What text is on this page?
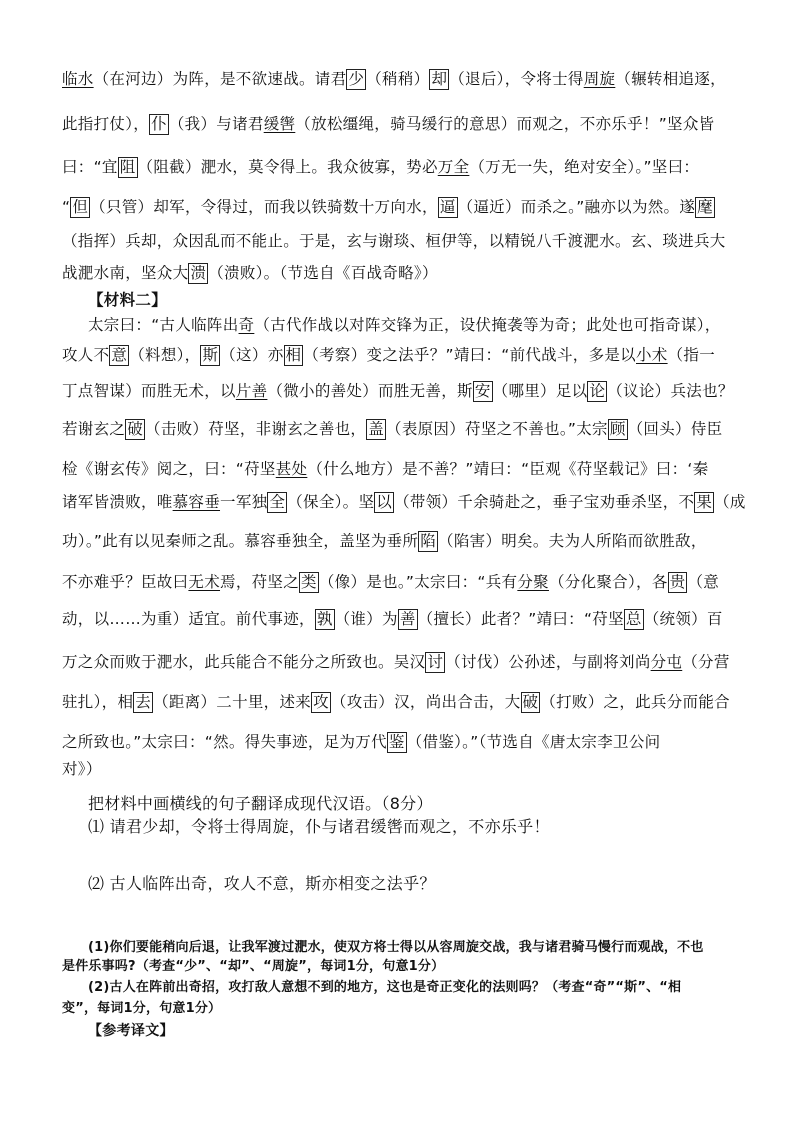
临水（在河边）为阵，是不欲速战。请君 少 （稍稍） 却 （退后），令将士得周旋（辗转相追逐，
此指打仗）， 仆 （我）与诸君缓辔（放松缰绳，骑马缓行的意思）而观之，不亦乐乎！”坚众皆
曰：“宜 阻 （阻截）淝水，莫令得上。我众彼寡，势必万全（万无一失，绝对安全）。”坚曰：
“ 但 （只管）却军，令得过，而我以铁骑数十万向水， 逼 （逼近）而杀之。”融亦以为然。遂 麾
（指挥）兵却，众因乱而不能止。于是，玄与谢琰、桓伊等，以精锐八千渡淝水。玄、琰进兵大
战淝水南，坚众大 溃 （溃败）。（节选自《百战奇略》）
【材料二】
太宗曰：“古人临阵出奇（古代作战以对阵交锋为正，设伏掩袭等为奇；此处也可指奇谋），
攻人不 意 （料想）， 斯 （这）亦 相 （考察）变之法乎？”靖曰：“前代战斗，多是以小术（指一
丁点智谋）而胜无术，以片善（微小的善处）而胜无善，斯 安 （哪里）足以 论 （议论）兵法也？
若谢玄之 破 （击败）苻坚，非谢玄之善也， 盖 （表原因）苻坚之不善也。”太宗 顾 （回头）侍臣
检《谢玄传》阅之，曰：“苻坚甚处（什么地方）是不善？”靖曰：“臣观《苻坚载记》曰：‘秦
诸军皆溃败，唯慕容垂一军独 全 （保全）。坚 以 （带领）千余骑赴之，垂子宝劝垂杀坚，不 果 （成
功）。”此有以见秦师之乱。慕容垂独全，盖坚为垂所 陷 （陷害）明矣。夫为人所陷而欲胜敌，
不亦难乎？臣故曰无术焉，苻坚之 类 （像）是也。”太宗曰：“兵有分聚（分化聚合），各 贵 （意
动，以……为重）适宜。前代事迹， 孰 （谁）为 善 （擅长）此者？”靖曰：“苻坚 总 （统领）百
万之众而败于淝水，此兵能合不能分之所致也。吴汉 讨 （讨伐）公孙述，与副将刘尚分屯（分营
驻扎），相 去 （距离）二十里，述来 攻 （攻击）汉，尚出合击，大 破 （打败）之，此兵分而能合
之所致也。”太宗曰：“然。得失事迹，足为万代 鉴 （借鉴）。”（节选自《唐太宗李卫公问
对》）
把材料中画横线的句子翻译成现代汉语。（8分）
⑴ 请君少却，令将士得周旋，仆与诸君缓辔而观之，不亦乐乎！
⑵ 古人临阵出奇，攻人不意，斯亦相变之法乎？
(1)你们要能稍向后退，让我军渡过淝水，使双方将士得以从容周旋交战，我与诸君骑马慢行而观战，不也
是件乐事吗?（考查“少”、“却”、“周旋”，每词1分，句意1分）
(2)古人在阵前出奇招，攻打敌人意想不到的地方，这也是奇正变化的法则吗？（考查“奇”“斯”、“相
变”，每词1分，句意1分）
【参考译文】
